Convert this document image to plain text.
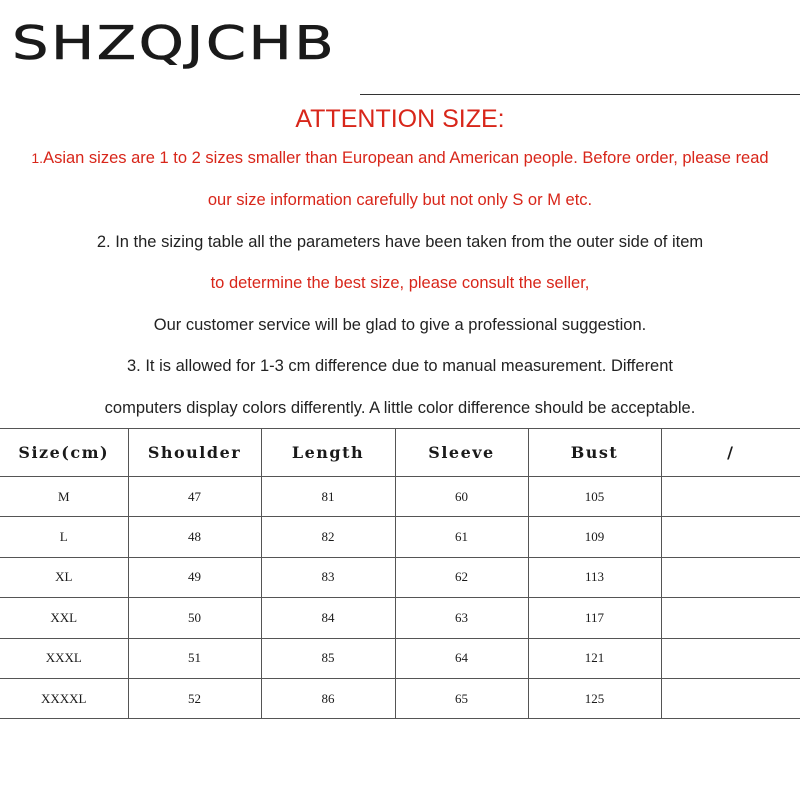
SHZQJCHB
ATTENTION SIZE:
1.Asian sizes are 1 to 2 sizes smaller than European and American people. Before order, please read
our size information carefully but not only S or M etc.
2. In the sizing table all the parameters have been taken from the outer side of item
to determine the best size, please consult the seller,
Our customer service will be glad to give a professional suggestion.
3. It is allowed for 1-3 cm difference due to manual measurement. Different
computers display colors differently. A little color difference should be acceptable.
Size(cm)	Shoulder	Length	Sleeve	Bust	/
M	47	81	60	105	
L	48	82	61	109	
XL	49	83	62	113	
XXL	50	84	63	117	
XXXL	51	85	64	121	
XXXXL	52	86	65	125	
